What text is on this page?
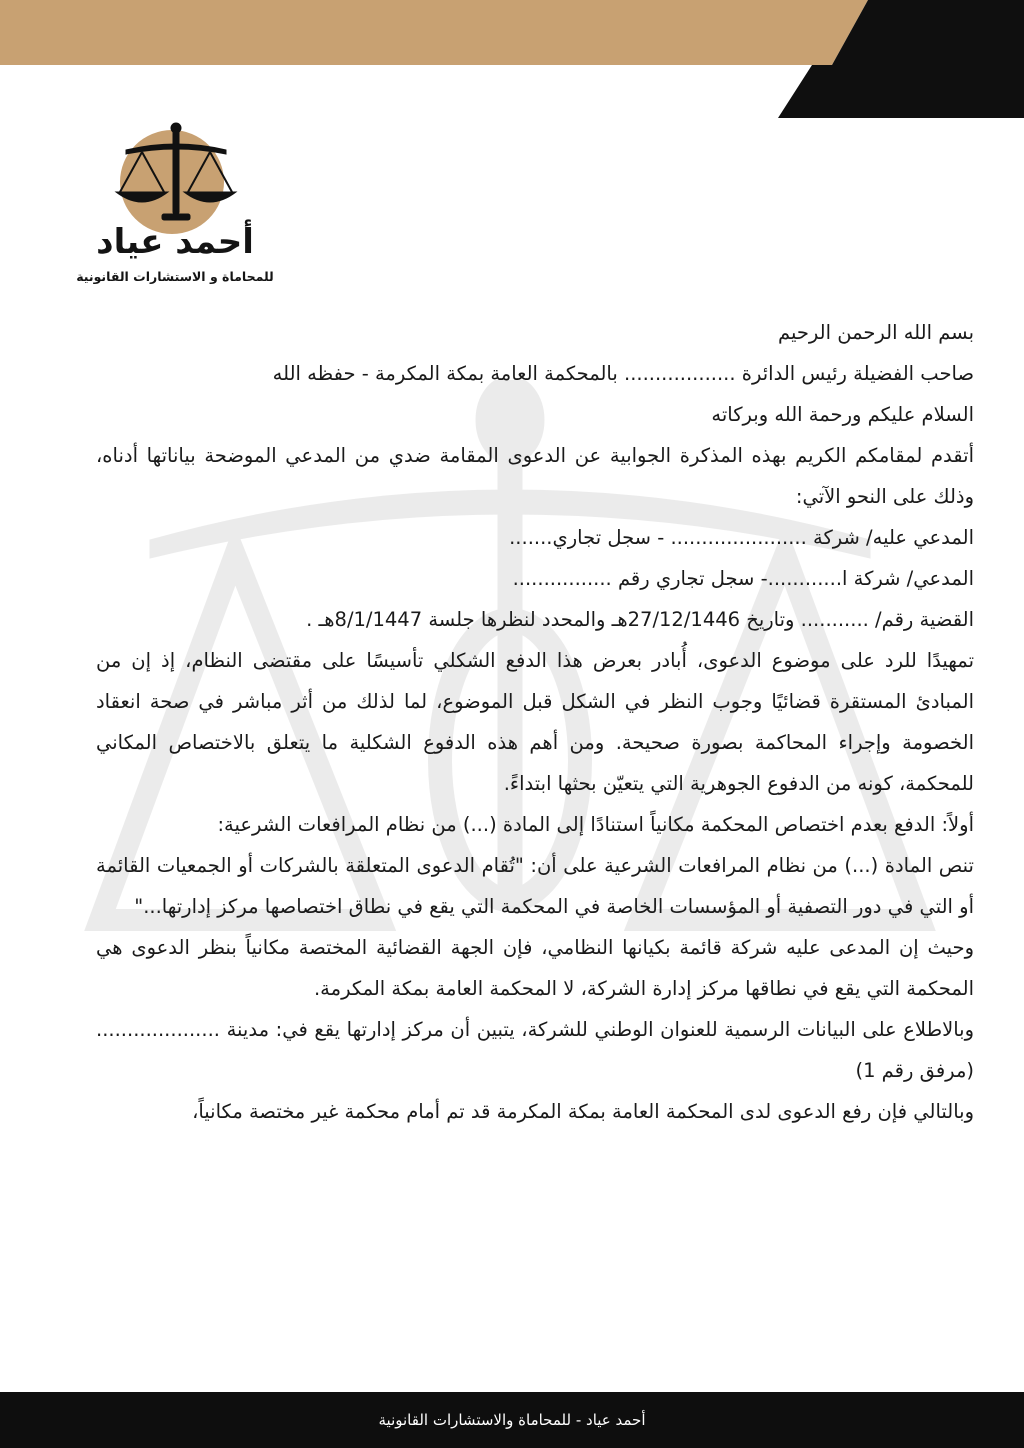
أحمد عياد
للمحاماة و الاستشارات القانونية

بسم الله الرحمن الرحيم

صاحب الفضيلة رئيس الدائرة .................. بالمحكمة العامة بمكة المكرمة - حفظه الله

السلام عليكم ورحمة الله وبركاته

أتقدم لمقامكم الكريم بهذه المذكرة الجوابية عن الدعوى المقامة ضدي من المدعي الموضحة بياناتها أدناه، وذلك على النحو الآتي:

المدعي عليه/ شركة ...................... - سجل تجاري.......

المدعي/ شركة ا............- سجل تجاري رقم ................

القضية رقم/ ........... وتاريخ 27/12/1446هـ والمحدد لنظرها جلسة 8/1/1447هـ .

تمهيدًا للرد على موضوع الدعوى، أُبادر بعرض هذا الدفع الشكلي تأسيسًا على مقتضى النظام، إذ إن من المبادئ المستقرة قضائيًا وجوب النظر في الشكل قبل الموضوع، لما لذلك من أثر مباشر في صحة انعقاد الخصومة وإجراء المحاكمة بصورة صحيحة. ومن أهم هذه الدفوع الشكلية ما يتعلق بالاختصاص المكاني للمحكمة، كونه من الدفوع الجوهرية التي يتعيّن بحثها ابتداءً.

أولاً: الدفع بعدم اختصاص المحكمة مكانياً استنادًا إلى المادة (...) من نظام المرافعات الشرعية:

تنص المادة (...) من نظام المرافعات الشرعية على أن: "تُقام الدعوى المتعلقة بالشركات أو الجمعيات القائمة أو التي في دور التصفية أو المؤسسات الخاصة في المحكمة التي يقع في نطاق اختصاصها مركز إدارتها..."

وحيث إن المدعى عليه شركة قائمة بكيانها النظامي، فإن الجهة القضائية المختصة مكانياً بنظر الدعوى هي المحكمة التي يقع في نطاقها مركز إدارة الشركة، لا المحكمة العامة بمكة المكرمة.

وبالاطلاع على البيانات الرسمية للعنوان الوطني للشركة، يتبين أن مركز إدارتها يقع في: مدينة .................... (مرفق رقم 1)

وبالتالي فإن رفع الدعوى لدى المحكمة العامة بمكة المكرمة قد تم أمام محكمة غير مختصة مكانياً،

أحمد عياد - للمحاماة والاستشارات القانونية
